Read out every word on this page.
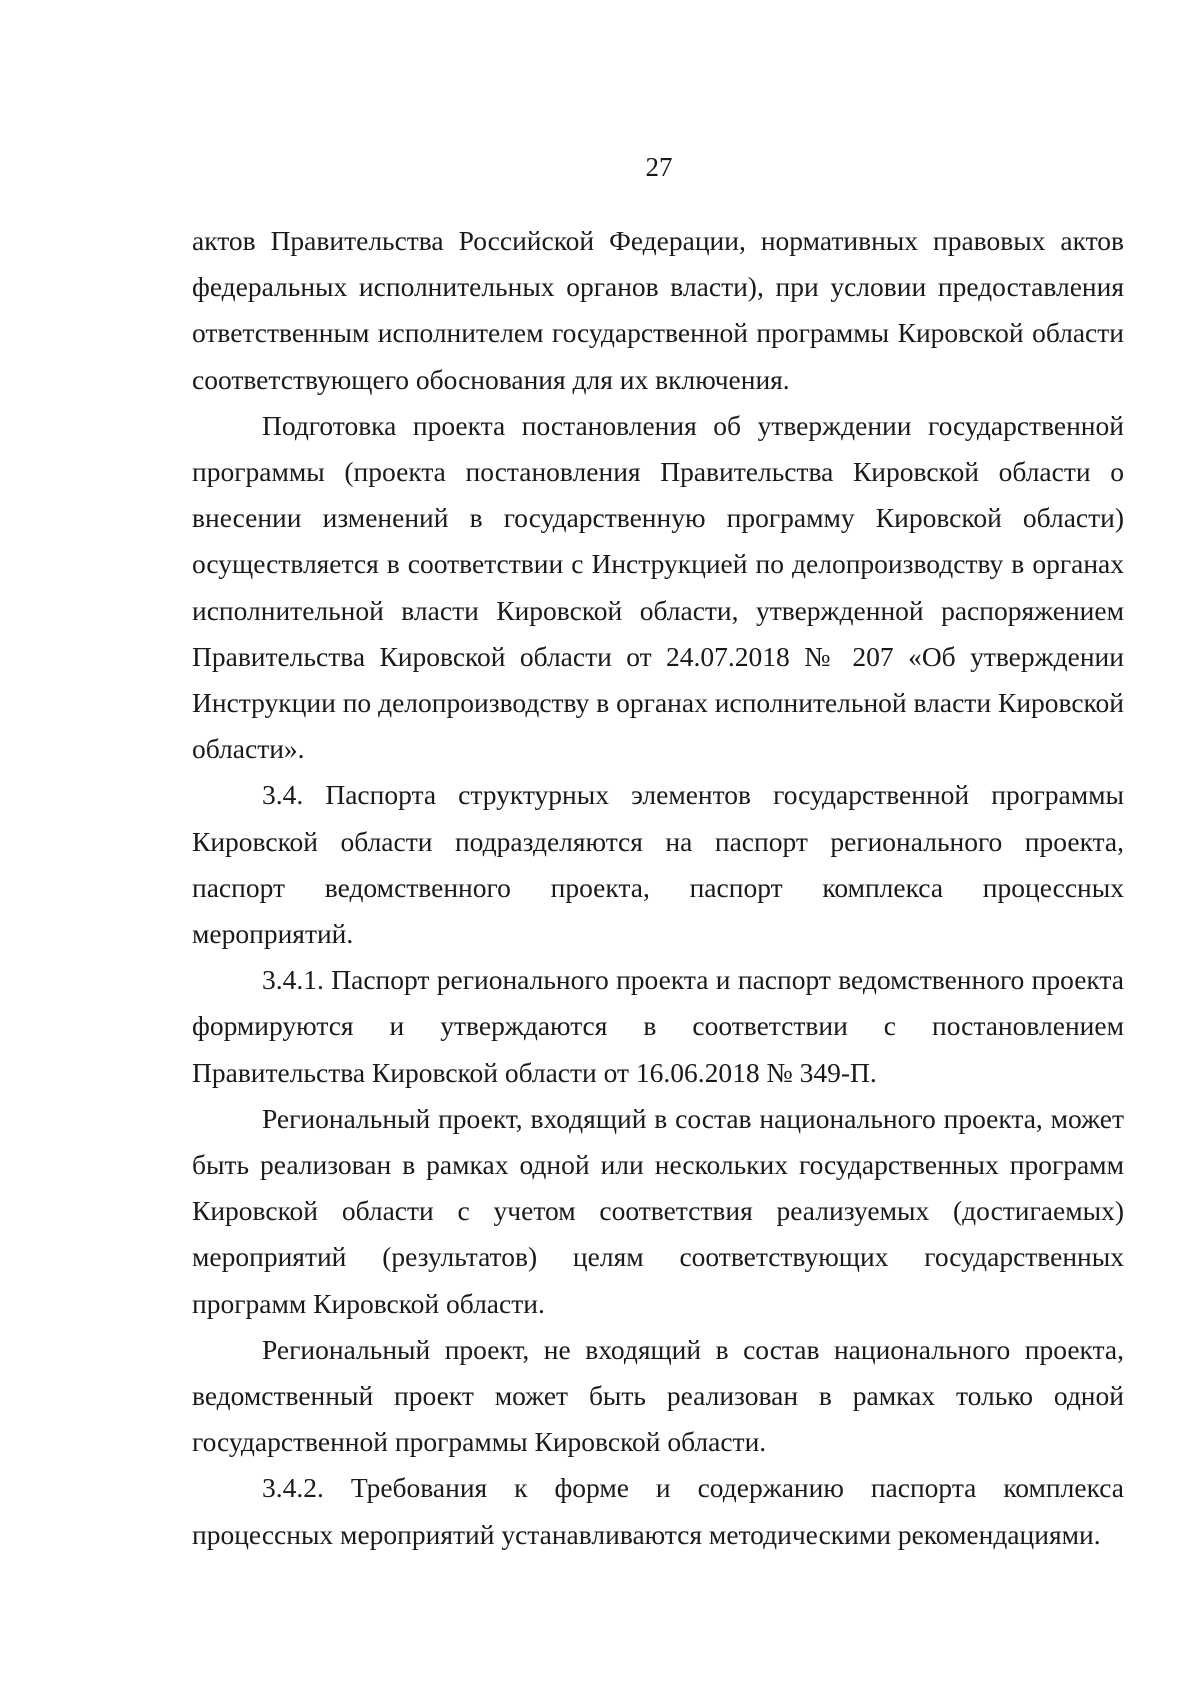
27

актов Правительства Российской Федерации, нормативных правовых актов федеральных исполнительных органов власти), при условии предоставления ответственным исполнителем государственной программы Кировской области соответствующего обоснования для их включения.

Подготовка проекта постановления об утверждении государственной программы (проекта постановления Правительства Кировской области о внесении изменений в государственную программу Кировской области) осуществляется в соответствии с Инструкцией по делопроизводству в органах исполнительной власти Кировской области, утвержденной распоряжением Правительства Кировской области от 24.07.2018 № 207 «Об утверждении Инструкции по делопроизводству в органах исполнительной власти Кировской области».

3.4. Паспорта структурных элементов государственной программы Кировской области подразделяются на паспорт регионального проекта, паспорт ведомственного проекта, паспорт комплекса процессных мероприятий.

3.4.1. Паспорт регионального проекта и паспорт ведомственного проекта формируются и утверждаются в соответствии с постановлением Правительства Кировской области от 16.06.2018 № 349-П.

Региональный проект, входящий в состав национального проекта, может быть реализован в рамках одной или нескольких государственных программ Кировской области с учетом соответствия реализуемых (достигаемых) мероприятий (результатов) целям соответствующих государственных программ Кировской области.

Региональный проект, не входящий в состав национального проекта, ведомственный проект может быть реализован в рамках только одной государственной программы Кировской области.

3.4.2. Требования к форме и содержанию паспорта комплекса процессных мероприятий устанавливаются методическими рекомендациями.
